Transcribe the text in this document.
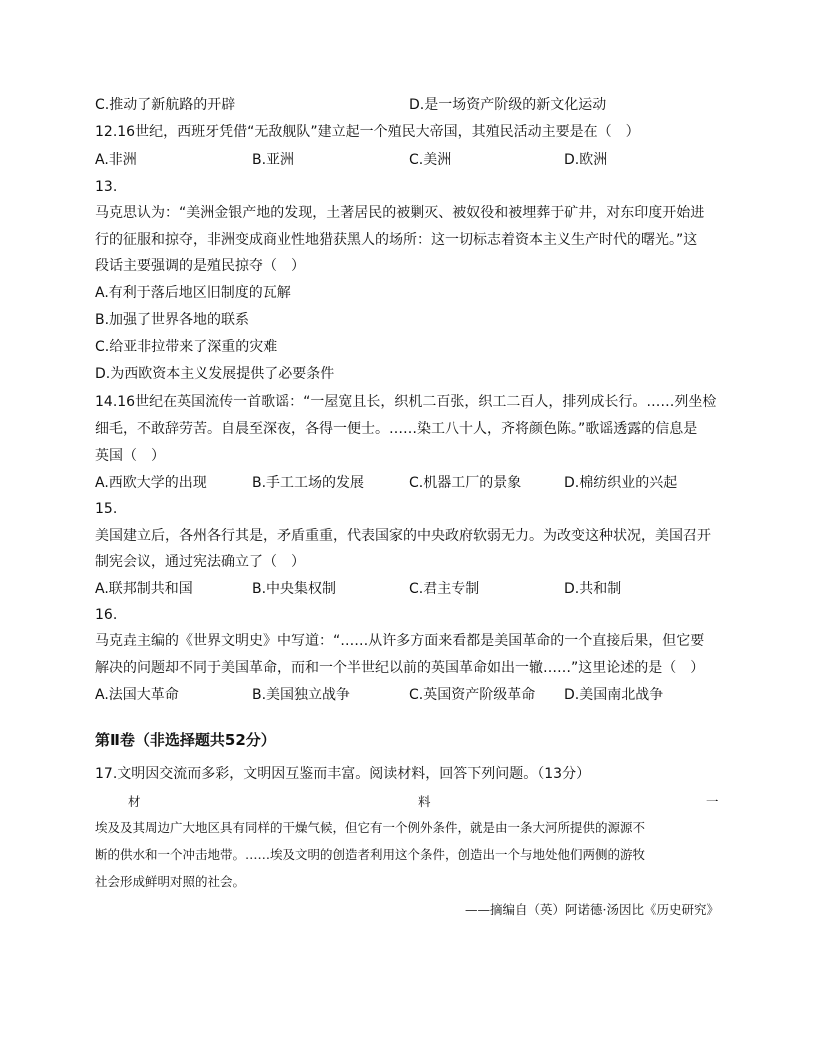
C.推动了新航路的开辟	D.是一场资产阶级的新文化运动
12.16世纪，西班牙凭借“无敌舰队”建立起一个殖民大帝国，其殖民活动主要是在（　）
A.非洲	B.亚洲	C.美洲	D.欧洲
13.
马克思认为：“美洲金银产地的发现，土著居民的被剿灭、被奴役和被埋葬于矿井，对东印度开始进
行的征服和掠夺，非洲变成商业性地猎获黑人的场所：这一切标志着资本主义生产时代的曙光。”这
段话主要强调的是殖民掠夺（　）
A.有利于落后地区旧制度的瓦解
B.加强了世界各地的联系
C.给亚非拉带来了深重的灾难
D.为西欧资本主义发展提供了必要条件
14.16世纪在英国流传一首歌谣：“一屋宽且长，织机二百张，织工二百人，排列成长行。……列坐检
细毛，不敢辞劳苦。自晨至深夜，各得一便士。……染工八十人，齐将颜色陈。”歌谣透露的信息是
英国（　）
A.西欧大学的出现	B.手工工场的发展	C.机器工厂的景象	D.棉纺织业的兴起
15.
美国建立后，各州各行其是，矛盾重重，代表国家的中央政府软弱无力。为改变这种状况，美国召开
制宪会议，通过宪法确立了（　）
A.联邦制共和国	B.中央集权制	C.君主专制	D.共和制
16.
马克垚主编的《世界文明史》中写道：“……从许多方面来看都是美国革命的一个直接后果，但它要
解决的问题却不同于美国革命，而和一个半世纪以前的英国革命如出一辙……”这里论述的是（　）
A.法国大革命	B.美国独立战争	C.英国资产阶级革命 D.美国南北战争
第Ⅱ卷（非选择题共52分）
17.文明因交流而多彩，文明因互鉴而丰富。阅读材料，回答下列问题。（13分）
材	料	一
埃及及其周边广大地区具有同样的干燥气候，但它有一个例外条件，就是由一条大河所提供的源源不
断的供水和一个冲击地带。……埃及文明的创造者利用这个条件，创造出一个与地处他们两侧的游牧
社会形成鲜明对照的社会。
——摘编自（英）阿诺德·汤因比《历史研究》
